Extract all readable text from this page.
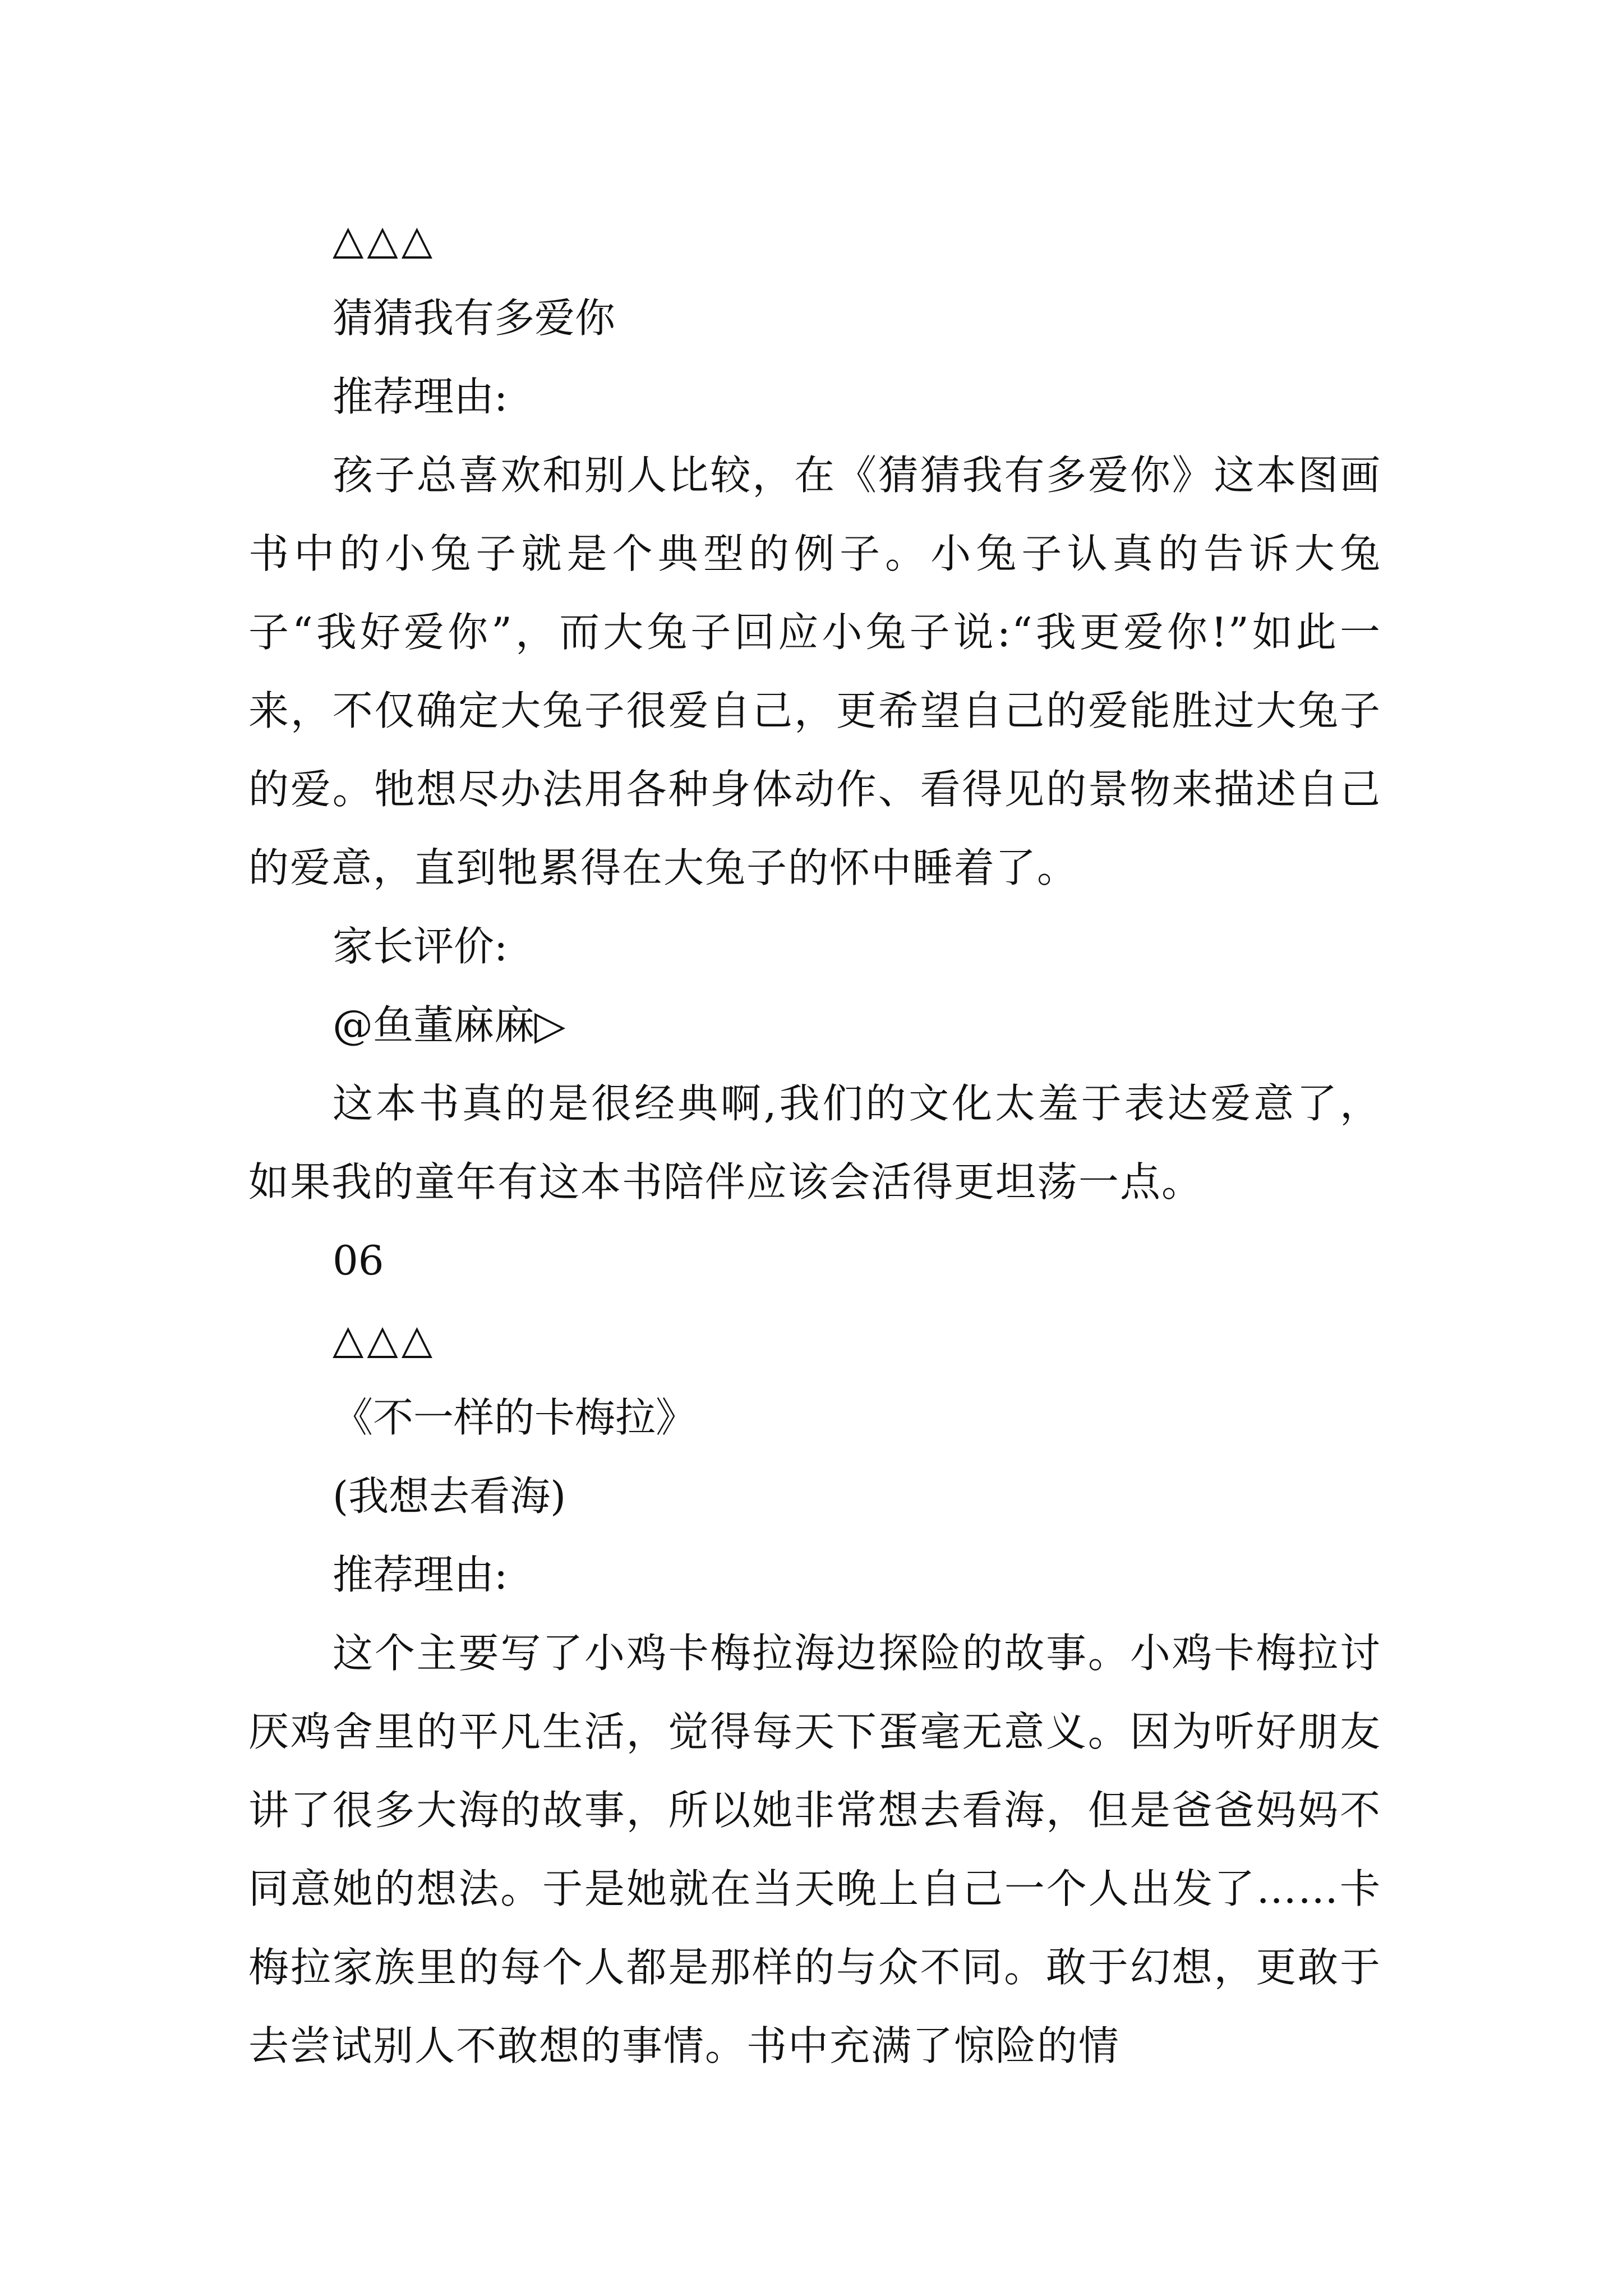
△△△
猜猜我有多爱你
推荐理由:

孩子总喜欢和别人比较，在《猜猜我有多爱你》这本图画书中的小兔子就是个典型的例子。小兔子认真的告诉大兔子“我好爱你”，而大兔子回应小兔子说:“我更爱你!”如此一来，不仅确定大兔子很爱自己，更希望自己的爱能胜过大兔子的爱。牠想尽办法用各种身体动作、看得见的景物来描述自己的爱意，直到牠累得在大兔子的怀中睡着了。

家长评价:
@鱼董麻麻▷

这本书真的是很经典啊,我们的文化太羞于表达爱意了，如果我的童年有这本书陪伴应该会活得更坦荡一点。

06
△△△
《不一样的卡梅拉》
(我想去看海)
推荐理由:

这个主要写了小鸡卡梅拉海边探险的故事。小鸡卡梅拉讨厌鸡舍里的平凡生活，觉得每天下蛋毫无意义。因为听好朋友讲了很多大海的故事，所以她非常想去看海，但是爸爸妈妈不同意她的想法。于是她就在当天晚上自己一个人出发了……卡梅拉家族里的每个人都是那样的与众不同。敢于幻想，更敢于去尝试别人不敢想的事情。书中充满了惊险的情
